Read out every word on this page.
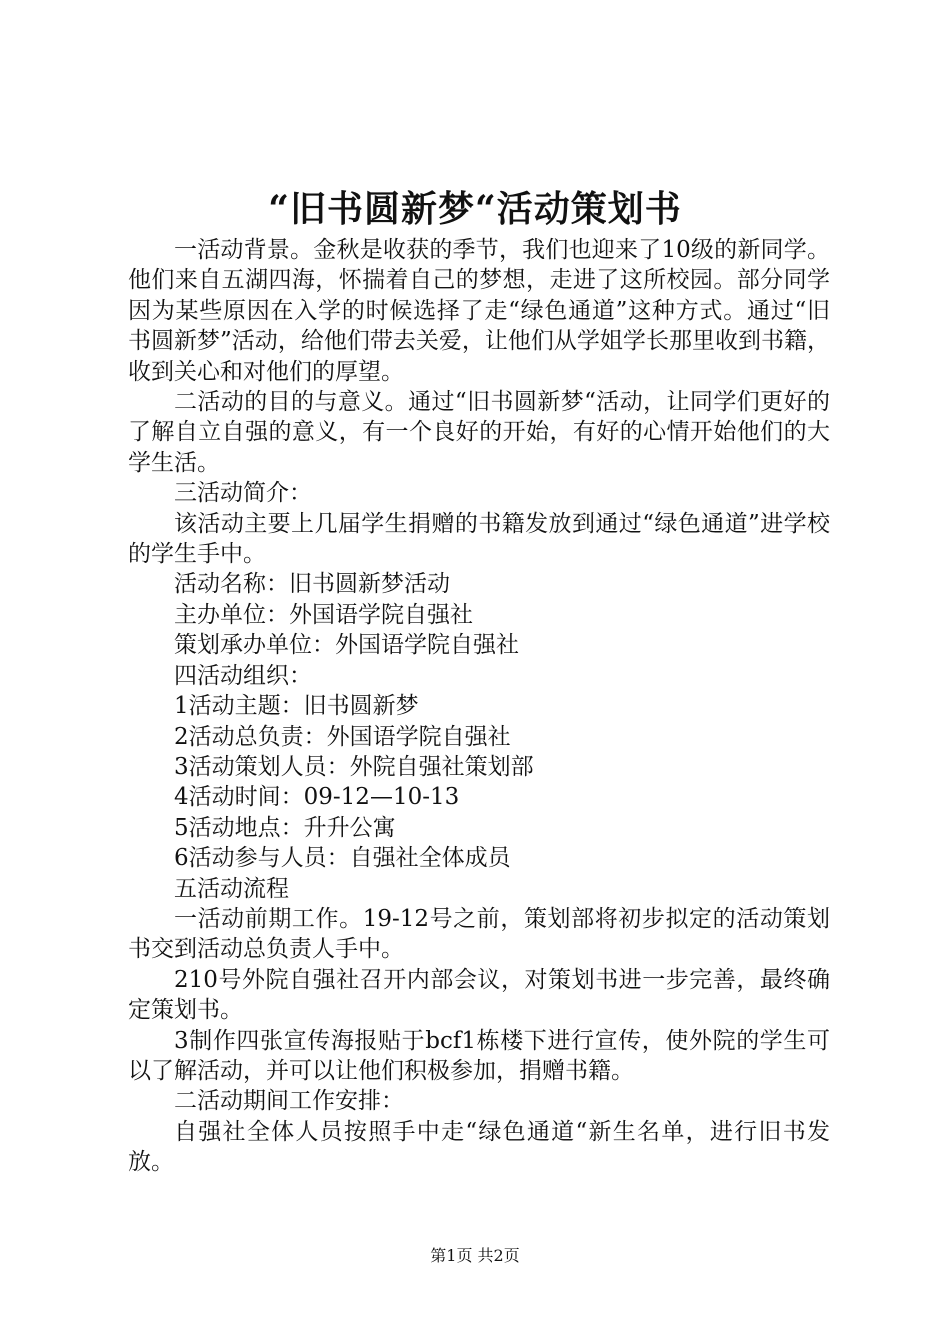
“旧书圆新梦“活动策划书

一活动背景。金秋是收获的季节，我们也迎来了10级的新同学。他们来自五湖四海，怀揣着自己的梦想，走进了这所校园。部分同学因为某些原因在入学的时候选择了走“绿色通道”这种方式。通过“旧书圆新梦”活动，给他们带去关爱，让他们从学姐学长那里收到书籍，收到关心和对他们的厚望。

二活动的目的与意义。通过“旧书圆新梦“活动，让同学们更好的了解自立自强的意义，有一个良好的开始，有好的心情开始他们的大学生活。

三活动简介：

该活动主要上几届学生捐赠的书籍发放到通过“绿色通道”进学校的学生手中。

活动名称：旧书圆新梦活动

主办单位：外国语学院自强社

策划承办单位：外国语学院自强社

四活动组织：

1活动主题：旧书圆新梦

2活动总负责：外国语学院自强社

3活动策划人员：外院自强社策划部

4活动时间：09-12—10-13

5活动地点：升升公寓

6活动参与人员：自强社全体成员

五活动流程

一活动前期工作。19-12号之前，策划部将初步拟定的活动策划书交到活动总负责人手中。

210号外院自强社召开内部会议，对策划书进一步完善，最终确定策划书。

3制作四张宣传海报贴于bcf1栋楼下进行宣传，使外院的学生可以了解活动，并可以让他们积极参加，捐赠书籍。

二活动期间工作安排：

自强社全体人员按照手中走“绿色通道“新生名单，进行旧书发放。

第1页 共2页
